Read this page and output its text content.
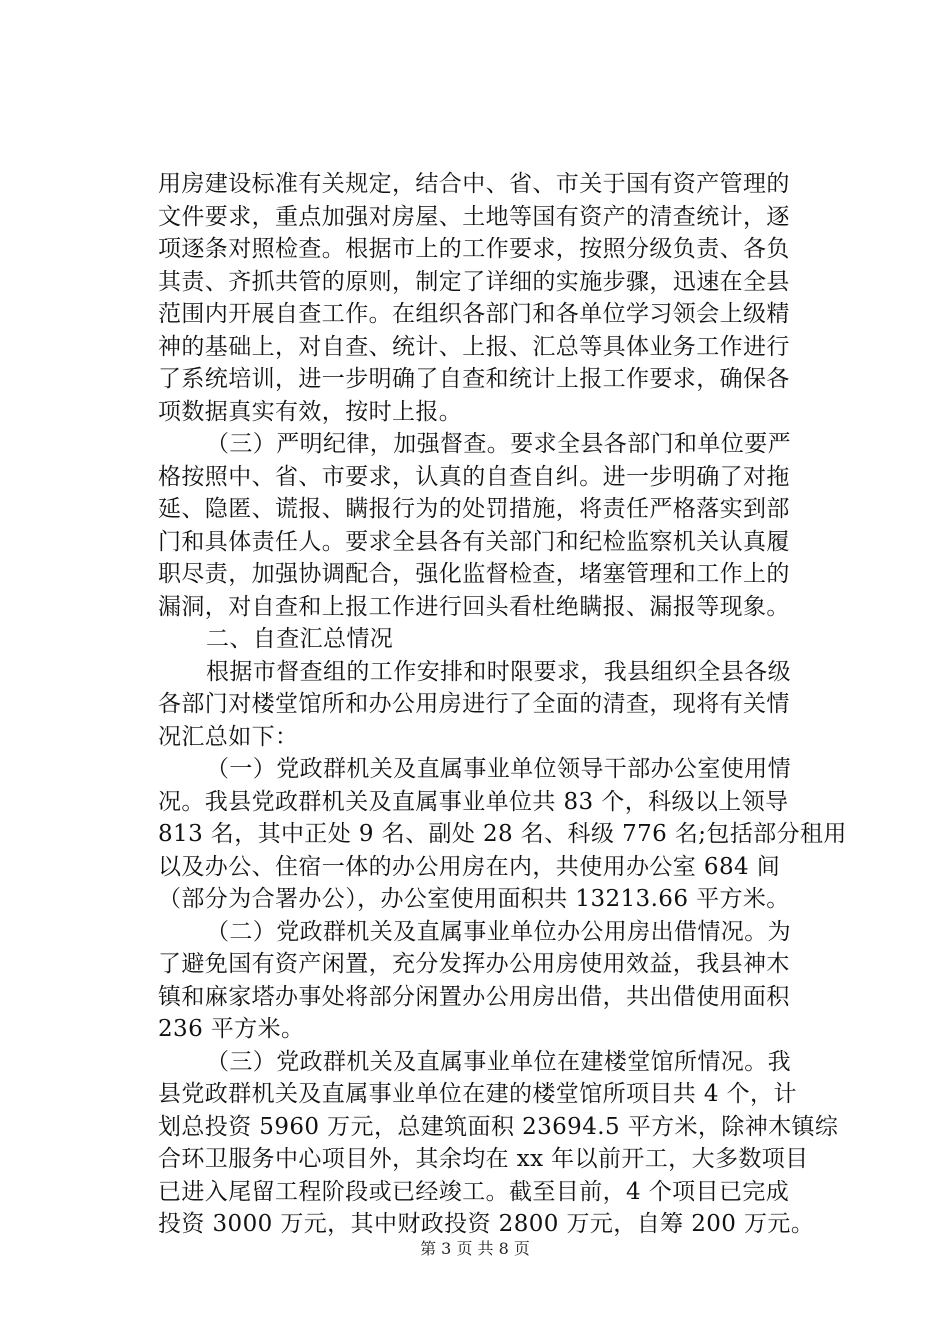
用房建设标准有关规定，结合中、省、市关于国有资产管理的
文件要求，重点加强对房屋、土地等国有资产的清查统计，逐
项逐条对照检查。根据市上的工作要求，按照分级负责、各负
其责、齐抓共管的原则，制定了详细的实施步骤，迅速在全县
范围内开展自查工作。在组织各部门和各单位学习领会上级精
神的基础上，对自查、统计、上报、汇总等具体业务工作进行
了系统培训，进一步明确了自查和统计上报工作要求，确保各
项数据真实有效，按时上报。
（三）严明纪律，加强督查。要求全县各部门和单位要严
格按照中、省、市要求，认真的自查自纠。进一步明确了对拖
延、隐匿、谎报、瞒报行为的处罚措施，将责任严格落实到部
门和具体责任人。要求全县各有关部门和纪检监察机关认真履
职尽责，加强协调配合，强化监督检查，堵塞管理和工作上的
漏洞，对自查和上报工作进行回头看杜绝瞒报、漏报等现象。
二、自查汇总情况
根据市督查组的工作安排和时限要求，我县组织全县各级
各部门对楼堂馆所和办公用房进行了全面的清查，现将有关情
况汇总如下：
（一）党政群机关及直属事业单位领导干部办公室使用情
况。我县党政群机关及直属事业单位共 83 个，科级以上领导
813 名，其中正处 9 名、副处 28 名、科级 776 名;包括部分租用
以及办公、住宿一体的办公用房在内，共使用办公室 684 间
（部分为合署办公），办公室使用面积共 13213.66 平方米。
（二）党政群机关及直属事业单位办公用房出借情况。为
了避免国有资产闲置，充分发挥办公用房使用效益，我县神木
镇和麻家塔办事处将部分闲置办公用房出借，共出借使用面积
236 平方米。
（三）党政群机关及直属事业单位在建楼堂馆所情况。我
县党政群机关及直属事业单位在建的楼堂馆所项目共 4 个，计
划总投资 5960 万元，总建筑面积 23694.5 平方米，除神木镇综
合环卫服务中心项目外，其余均在 xx 年以前开工，大多数项目
已进入尾留工程阶段或已经竣工。截至目前，4 个项目已完成
投资 3000 万元，其中财政投资 2800 万元，自筹 200 万元。
第 3 页 共 8 页
